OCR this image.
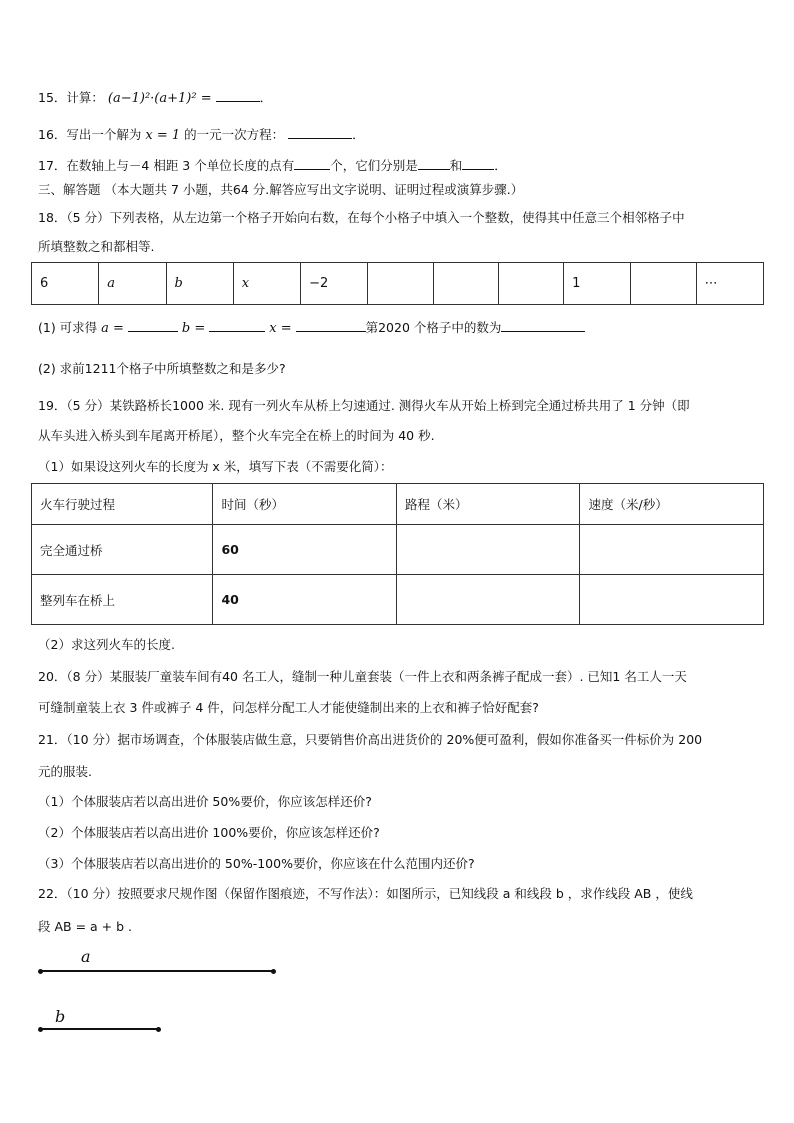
15．计算： (a−1)²·(a+1)² =	．
16．写出一个解为 x = 1 的一元一次方程：	．
17．在数轴上与－4 相距 3 个单位长度的点有	个，它们分别是	和	．
三、解答题 （本大题共 7 小题，共64 分.解答应写出文字说明、证明过程或演算步骤.）
18．（5 分）下列表格，从左边第一个格子开始向右数，在每个小格子中填入一个整数，使得其中任意三个相邻格子中
所填整数之和都相等.
6	a	b	x	−2				1		⋯
(1) 可求得 a =	b =	x =	第2020 个格子中的数为
(2) 求前1211个格子中所填整数之和是多少?
19．（5 分）某铁路桥长1000 米. 现有一列火车从桥上匀速通过. 测得火车从开始上桥到完全通过桥共用了 1 分钟（即
从车头进入桥头到车尾离开桥尾），整个火车完全在桥上的时间为 40 秒.
（1）如果设这列火车的长度为 x 米，填写下表（不需要化简）：
火车行驶过程	时间（秒）	路程（米）	速度（米/秒）
完全通过桥	60		
整列车在桥上	40		
（2）求这列火车的长度.
20．（8 分）某服装厂童装车间有40 名工人，缝制一种儿童套装（一件上衣和两条裤子配成一套）. 已知1 名工人一天
可缝制童装上衣 3 件或裤子 4 件，问怎样分配工人才能使缝制出来的上衣和裤子恰好配套?
21．（10 分）据市场调查，个体服装店做生意，只要销售价高出进货价的 20%便可盈利，假如你准备买一件标价为 200
元的服装.
（1）个体服装店若以高出进价 50%要价，你应该怎样还价?
（2）个体服装店若以高出进价 100%要价，你应该怎样还价?
（3）个体服装店若以高出进价的 50%-100%要价，你应该在什么范围内还价?
22．（10 分）按照要求尺规作图（保留作图痕迹，不写作法）：如图所示，已知线段 a 和线段 b ，求作线段 AB ，使线
段 AB = a + b .
a
b
